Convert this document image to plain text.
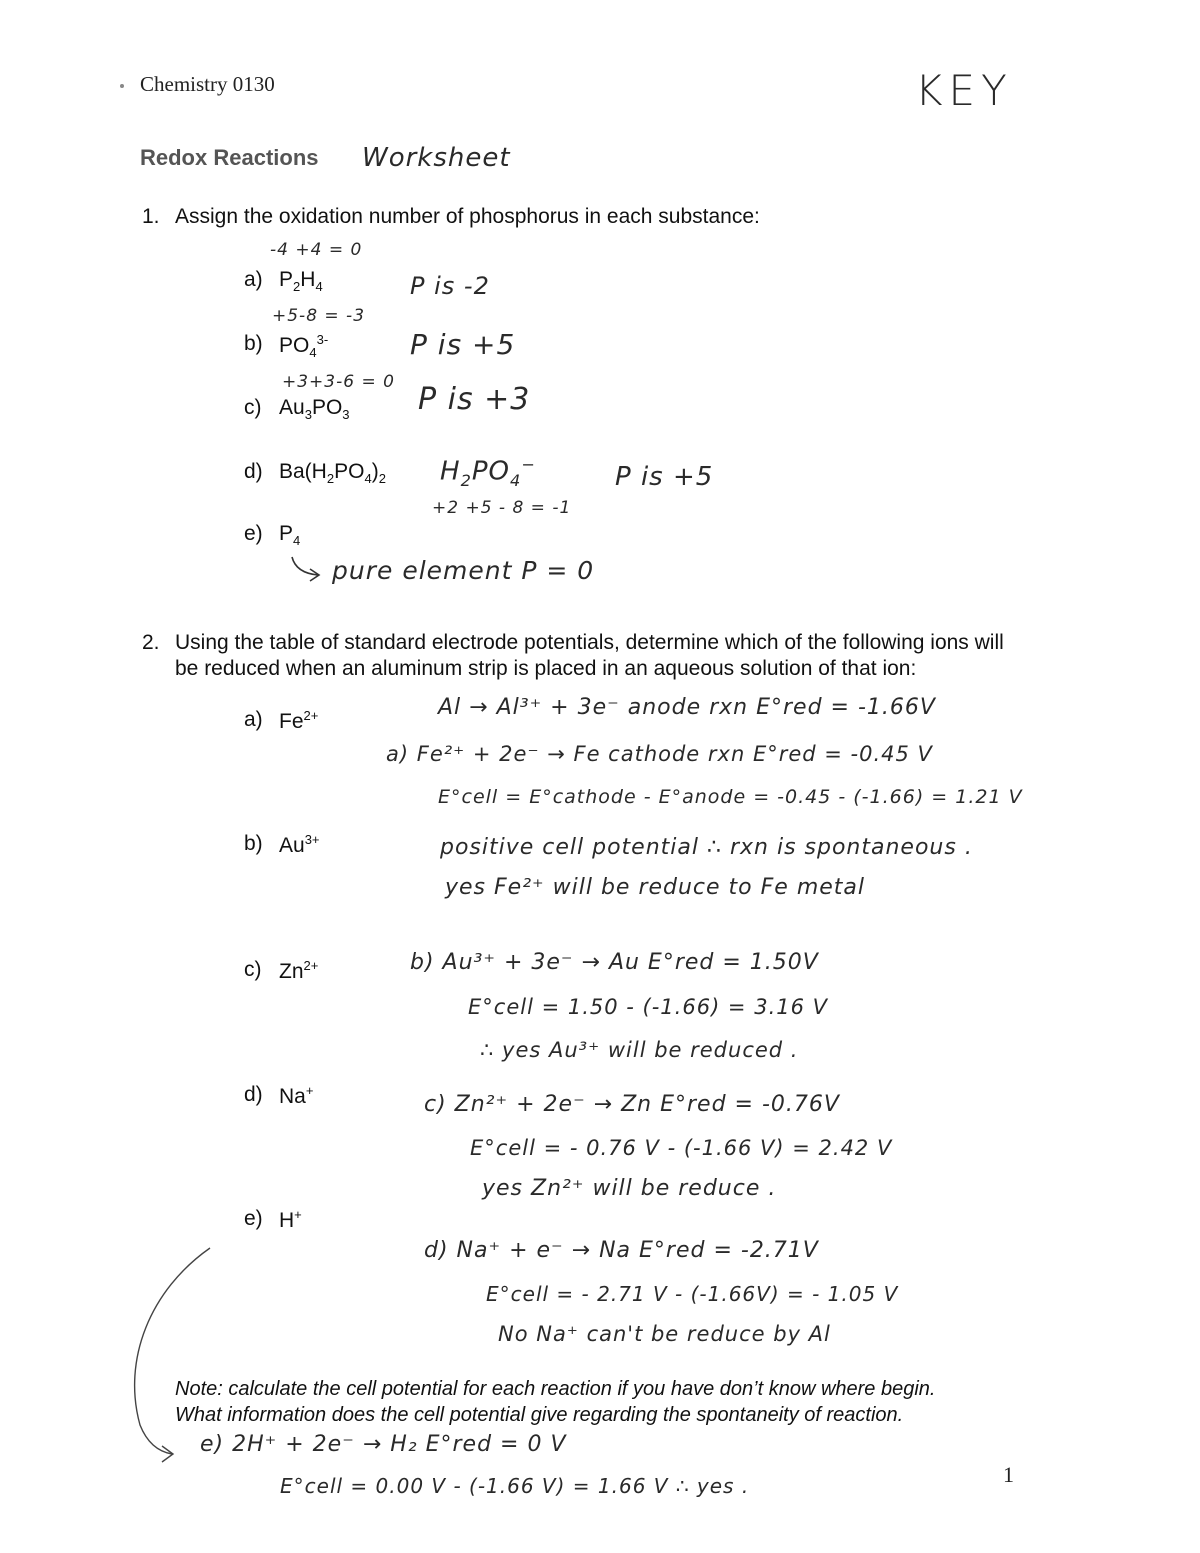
Chemistry 0130	KEY
Redox Reactions Worksheet
1. Assign the oxidation number of phosphorus in each substance:
-4 +4 = 0
a) $P_2H_4$	P is -2
+5-8 = -3
b) $PO_4^{3-}$	P is +5
+3+3-6 = 0
c) $Au_3PO_3$ P is +3
d) $Ba(H_2PO_4)_2$ $H_2PO_4^-$	P is +5
+2 +5 - 8 = -1
e) $P_4$
pure element P = 0
2. Using the table of standard electrode potentials, determine which of the following ions will
be reduced when an aluminum strip is placed in an aqueous solution of that ion:
a) $Fe^{2+}$
b) $Au^{3+}$
c) $Zn^{2+}$
d) Na+
e) H+
Al → Al³⁺ + 3e⁻ anode rxn E°red = -1.66V
a) Fe²⁺ + 2e⁻ → Fe cathode rxn E°red = -0.45 V
E°cell = E°cathode - E°anode = -0.45 - (-1.66) = 1.21 V
positive cell potential ∴ rxn is spontaneous .
yes Fe²⁺ will be reduce to Fe metal
b) Au³⁺ + 3e⁻ → Au E°red = 1.50V
E°cell = 1.50 - (-1.66) = 3.16 V
∴ yes Au³⁺ will be reduced .
c) Zn²⁺ + 2e⁻ → Zn E°red = -0.76V
E°cell = - 0.76 V - (-1.66 V) = 2.42 V
yes Zn²⁺ will be reduce .
d) Na⁺ + e⁻ → Na E°red = -2.71V
E°cell = - 2.71 V - (-1.66V) = - 1.05 V
No Na⁺ can't be reduce by Al
Note: calculate the cell potential for each reaction if you have don’t know where begin.
What information does the cell potential give regarding the spontaneity of reaction.
e) 2H⁺ + 2e⁻ → H₂ E°red = 0 V
E°cell = 0.00 V - (-1.66 V) = 1.66 V ∴ yes .	1
